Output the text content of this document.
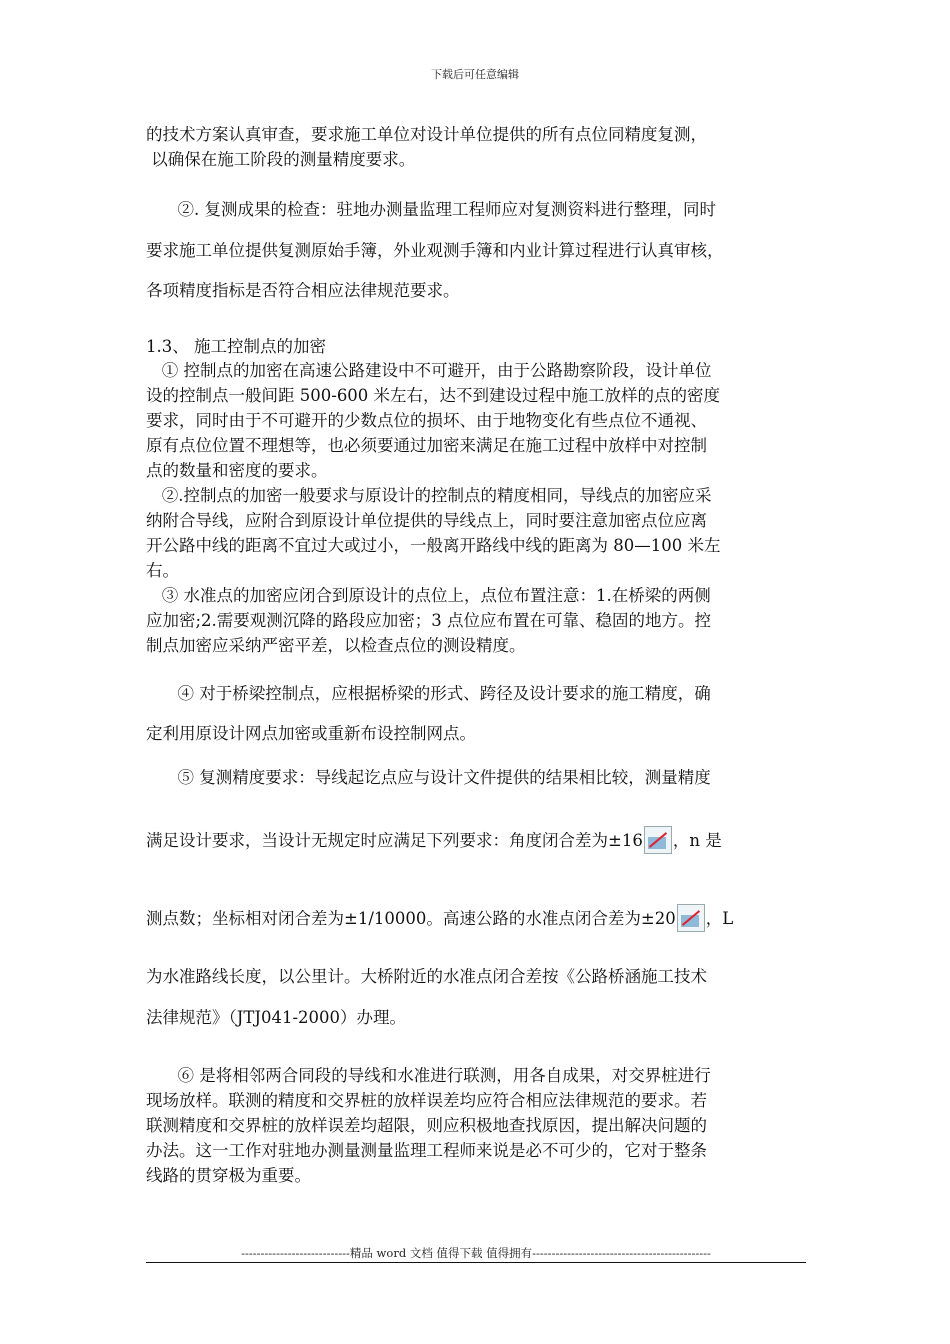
下载后可任意编辑
的技术方案认真审查，要求施工单位对设计单位提供的所有点位同精度复测，
以确保在施工阶段的测量精度要求。
②. 复测成果的检查：驻地办测量监理工程师应对复测资料进行整理，同时
要求施工单位提供复测原始手簿，外业观测手簿和内业计算过程进行认真审核，
各项精度指标是否符合相应法律规范要求。
1.3、 施工控制点的加密
① 控制点的加密在高速公路建设中不可避开，由于公路勘察阶段，设计单位
设的控制点一般间距 500-600 米左右，达不到建设过程中施工放样的点的密度
要求，同时由于不可避开的少数点位的损坏、由于地物变化有些点位不通视、
原有点位位置不理想等，也必须要通过加密来满足在施工过程中放样中对控制
点的数量和密度的要求。
②.控制点的加密一般要求与原设计的控制点的精度相同，导线点的加密应采
纳附合导线，应附合到原设计单位提供的导线点上，同时要注意加密点位应离
开公路中线的距离不宜过大或过小，一般离开路线中线的距离为 80—100 米左
右。
③ 水准点的加密应闭合到原设计的点位上，点位布置注意：1.在桥梁的两侧
应加密;2.需要观测沉降的路段应加密；3 点位应布置在可靠、稳固的地方。控
制点加密应采纳严密平差，以检查点位的测设精度。
④ 对于桥梁控制点，应根据桥梁的形式、跨径及设计要求的施工精度，确
定利用原设计网点加密或重新布设控制网点。
⑤ 复测精度要求：导线起讫点应与设计文件提供的结果相比较，测量精度
满足设计要求，当设计无规定时应满足下列要求：角度闭合差为±16 ，n 是
测点数；坐标相对闭合差为±1/10000。高速公路的水准点闭合差为±20 ，L
为水准路线长度，以公里计。大桥附近的水准点闭合差按《公路桥涵施工技术
法律规范》（JTJ041-2000）办理。
⑥ 是将相邻两合同段的导线和水准进行联测，用各自成果，对交界桩进行
现场放样。联测的精度和交界桩的放样误差均应符合相应法律规范的要求。若
联测精度和交界桩的放样误差均超限，则应积极地查找原因，提出解决问题的
办法。这一工作对驻地办测量测量监理工程师来说是必不可少的，它对于整条
线路的贯穿极为重要。
----------------------------精品 word 文档 值得下载 值得拥有----------------------------------------------
